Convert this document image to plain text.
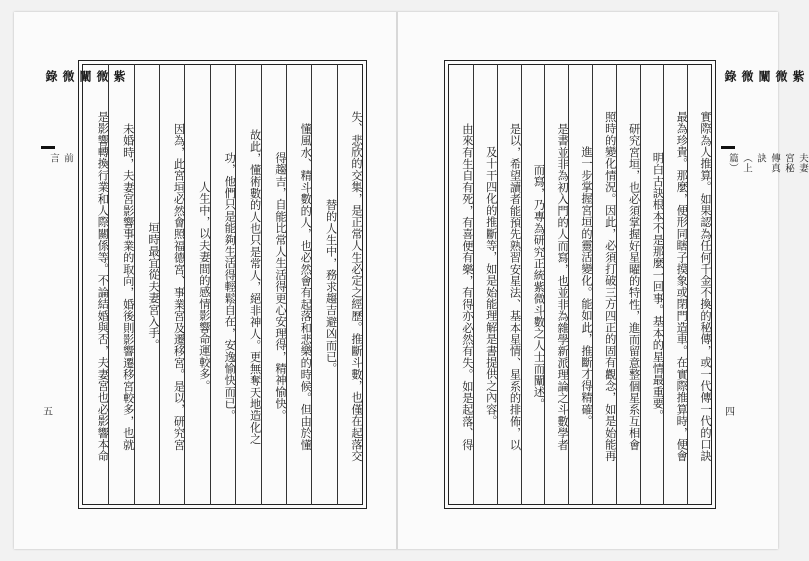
紫微闡微錄
前言
五	失、悲欣的交集，是正常人生必定之經歷。推斷斗數，也僅在起落交
替的人生中，務求趨吉避凶而已。
懂風水、精斗數的人，也必然會有起落和悲樂的時候。但由於懂
得趨吉，自能比常人生活得更心安理得，精神愉快。
故此，懂術數的人也只是常人，絕非神人。更無奪天地造化之
功，他們只是能夠生活得輕鬆自在，安逸愉快而已。
人生中，以夫妻間的感情影響命運較多。
因為，此宮垣必然會照福德宮、事業宮及遷移宮。是以，研究宮
垣時最宜從夫妻宮入手。
未婚時，夫妻宮影響事業的取向，婚後則影響遷移宮較多，也就
是影響轉換行業和人際關係等。不論結婚與否，夫妻宮也必影響本命	實際為人推算。如果認為任何千金不換的秘傳，或一代傳一代的口訣
最為珍貴。那麼，便形同瞎子摸象或閉門造車。在實際推算時，便會
明白古訣根本不是那麼一回事。基本的星情最重要。
研究宮垣，也必須掌握好星曜的特性，進而留意整個星系互相會
照時的變化情況。因此，必須打破三方四正的固有觀念，如是始能再
進一步掌握宮垣的靈活變化。能如此，推斷才得精確。
是書並非為初入門的人而寫，也並非為雜學新派理論之斗數學者
而寫，乃專為研究正統紫微斗數之人士而闡述。
是以，希望讀者能預先熟習安星法、基本星情、星系的排佈，以
及十干四化的推斷等，如是始能理解是書提供之內容。
由來有生自有死，有喜便有樂，有得亦必然有失。如是起落、得
紫微闡微錄
夫妻宮秘傳真訣（上篇）
四
